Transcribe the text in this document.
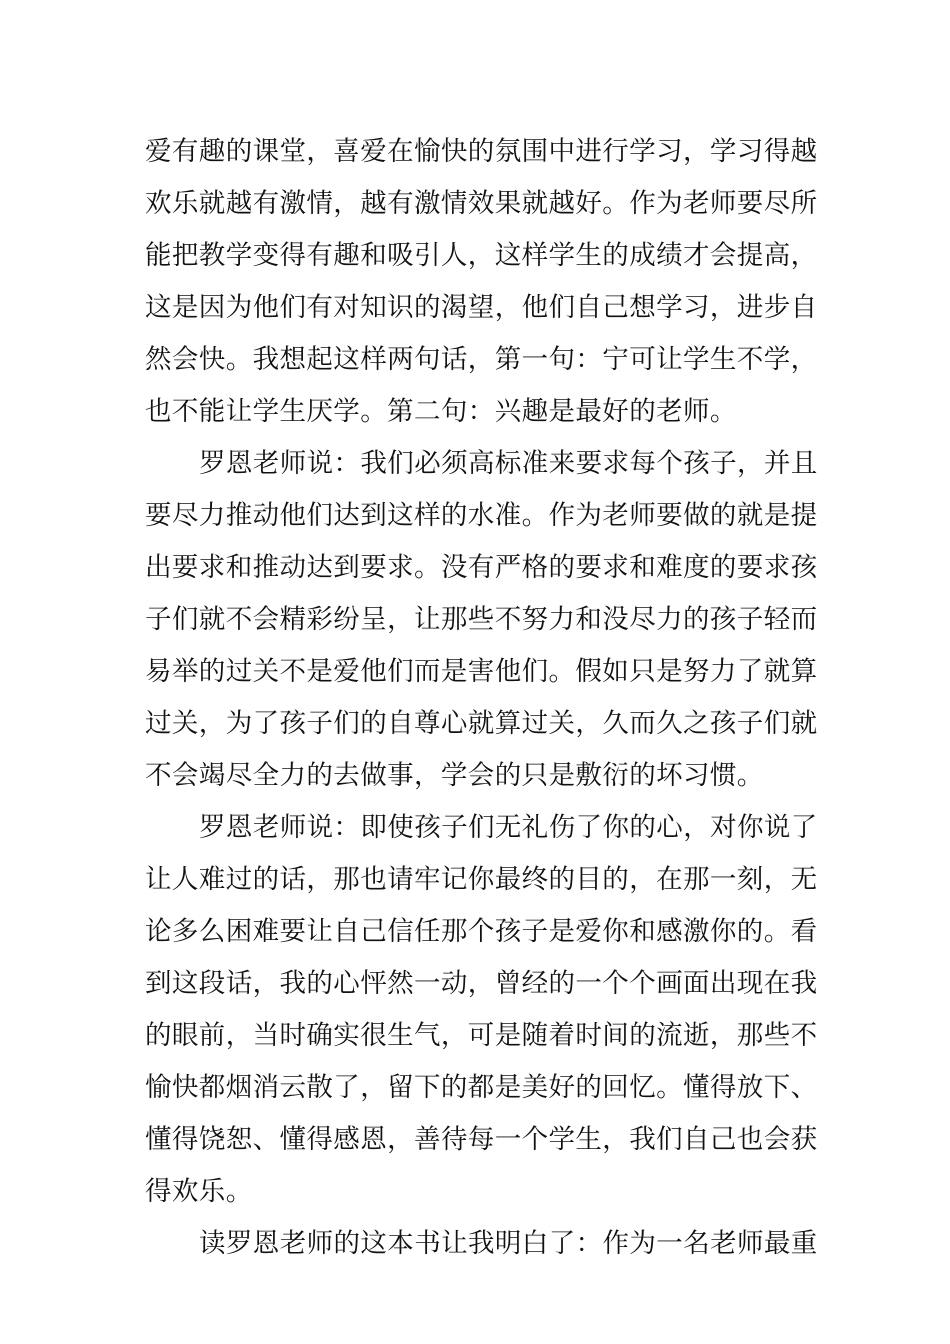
爱有趣的课堂，喜爱在愉快的氛围中进行学习，学习得越
欢乐就越有激情，越有激情效果就越好。作为老师要尽所
能把教学变得有趣和吸引人，这样学生的成绩才会提高，
这是因为他们有对知识的渴望，他们自己想学习，进步自
然会快。我想起这样两句话，第一句：宁可让学生不学，
也不能让学生厌学。第二句：兴趣是最好的老师。
罗恩老师说：我们必须高标准来要求每个孩子，并且
要尽力推动他们达到这样的水准。作为老师要做的就是提
出要求和推动达到要求。没有严格的要求和难度的要求孩
子们就不会精彩纷呈，让那些不努力和没尽力的孩子轻而
易举的过关不是爱他们而是害他们。假如只是努力了就算
过关，为了孩子们的自尊心就算过关，久而久之孩子们就
不会竭尽全力的去做事，学会的只是敷衍的坏习惯。
罗恩老师说：即使孩子们无礼伤了你的心，对你说了
让人难过的话，那也请牢记你最终的目的，在那一刻，无
论多么困难要让自己信任那个孩子是爱你和感激你的。看
到这段话，我的心怦然一动，曾经的一个个画面出现在我
的眼前，当时确实很生气，可是随着时间的流逝，那些不
愉快都烟消云散了，留下的都是美好的回忆。懂得放下、
懂得饶恕、懂得感恩，善待每一个学生，我们自己也会获
得欢乐。
读罗恩老师的这本书让我明白了：作为一名老师最重
